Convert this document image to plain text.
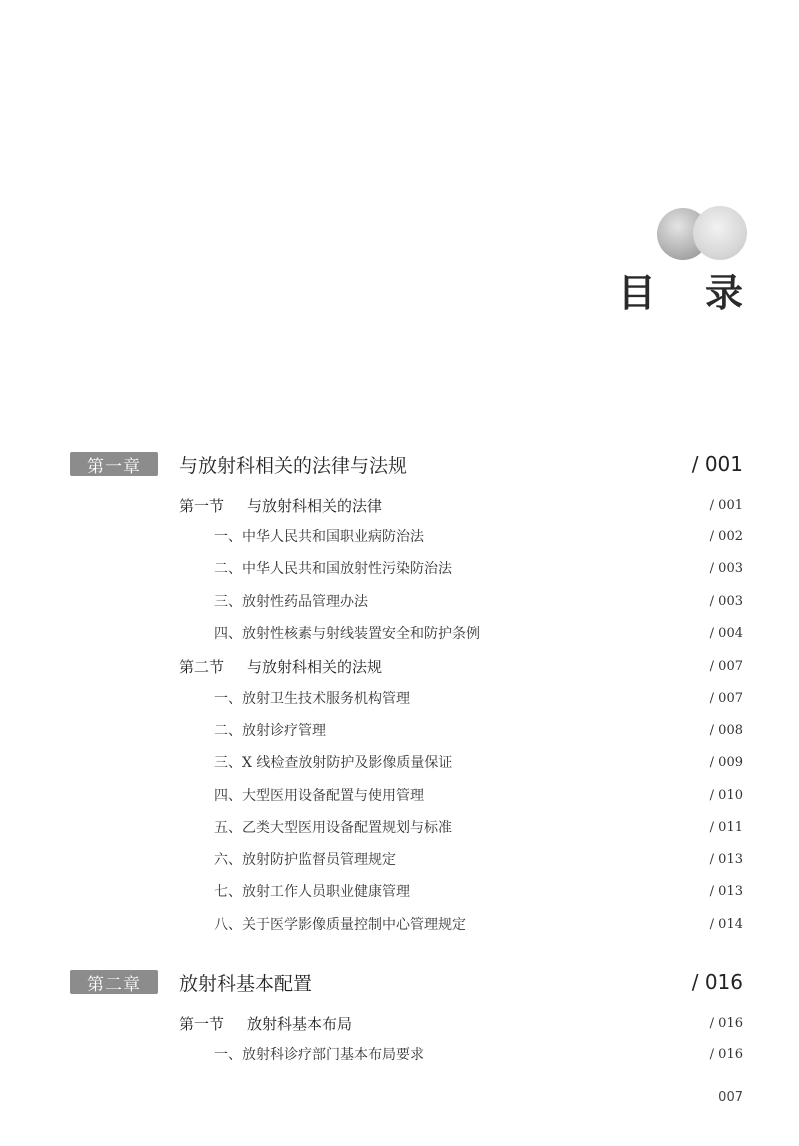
目 录
第一章	与放射科相关的法律与法规	/ 001
第一节 与放射科相关的法律	/ 001
一、中华人民共和国职业病防治法	/ 002
二、中华人民共和国放射性污染防治法	/ 003
三、放射性药品管理办法	/ 003
四、放射性核素与射线装置安全和防护条例	/ 004
第二节 与放射科相关的法规	/ 007
一、放射卫生技术服务机构管理	/ 007
二、放射诊疗管理	/ 008
三、X 线检查放射防护及影像质量保证	/ 009
四、大型医用设备配置与使用管理	/ 010
五、乙类大型医用设备配置规划与标准	/ 011
六、放射防护监督员管理规定	/ 013
七、放射工作人员职业健康管理	/ 013
八、关于医学影像质量控制中心管理规定	/ 014
第二章	放射科基本配置	/ 016
第一节 放射科基本布局	/ 016
一、放射科诊疗部门基本布局要求	/ 016
007
